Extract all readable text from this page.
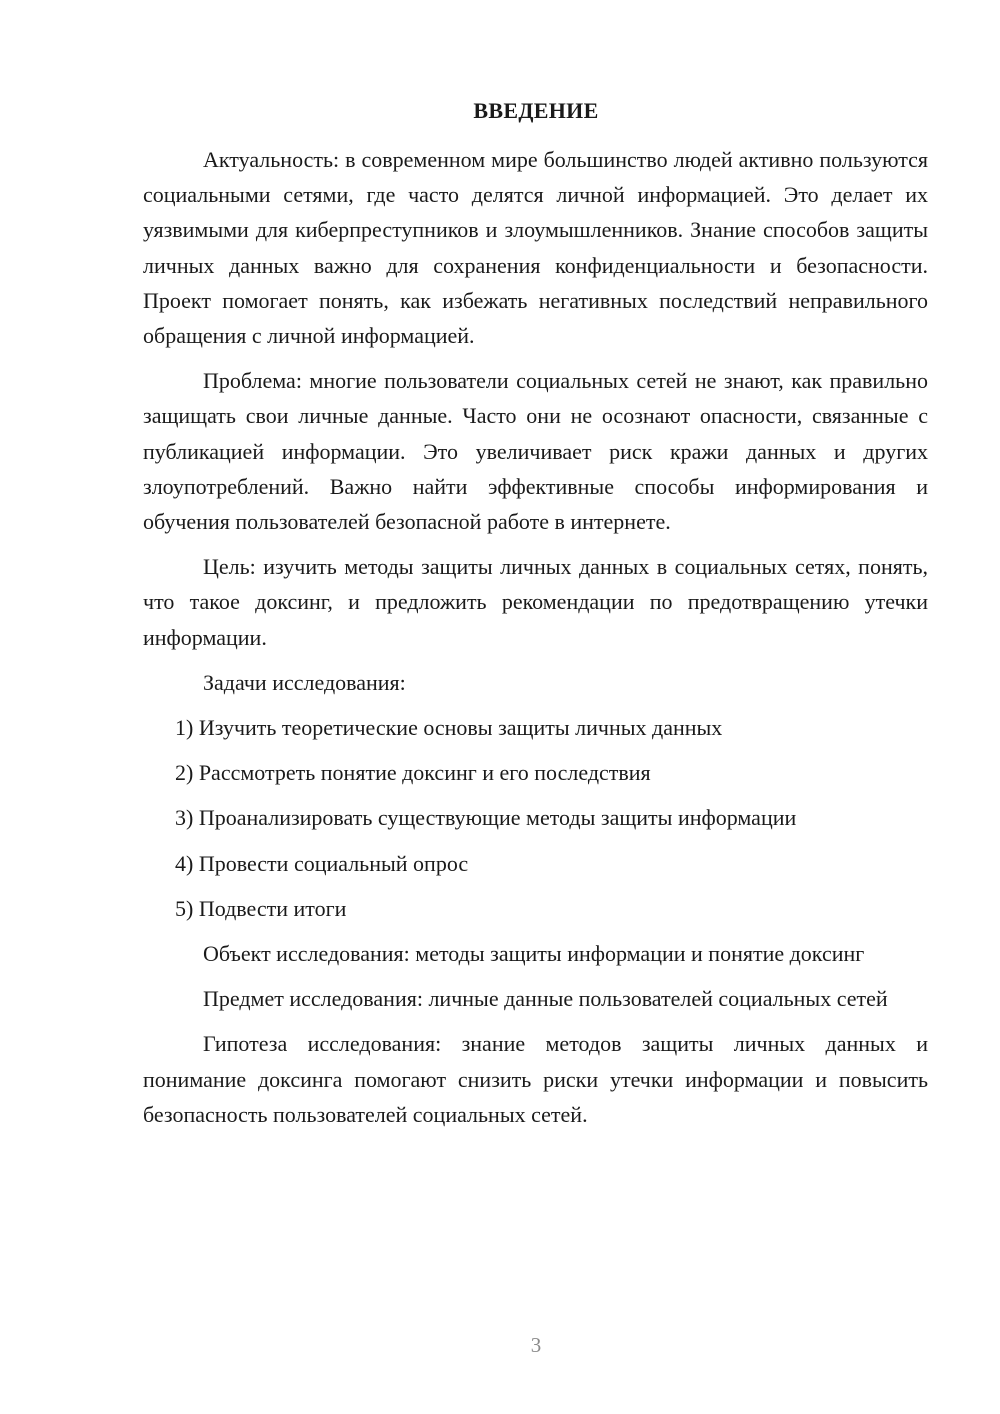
ВВЕДЕНИЕ

Актуальность: в современном мире большинство людей активно пользуются социальными сетями, где часто делятся личной информацией. Это делает их уязвимыми для киберпреступников и злоумышленников. Знание способов защиты личных данных важно для сохранения конфиденциальности и безопасности. Проект помогает понять, как избежать негативных последствий неправильного обращения с личной информацией.

Проблема: многие пользователи социальных сетей не знают, как правильно защищать свои личные данные. Часто они не осознают опасности, связанные с публикацией информации. Это увеличивает риск кражи данных и других злоупотреблений. Важно найти эффективные способы информирования и обучения пользователей безопасной работе в интернете.

Цель: изучить методы защиты личных данных в социальных сетях, понять, что такое доксинг, и предложить рекомендации по предотвращению утечки информации.

Задачи исследования:

1) Изучить теоретические основы защиты личных данных

2) Рассмотреть понятие доксинг и его последствия

3) Проанализировать существующие методы защиты информации

4) Провести социальный опрос

5) Подвести итоги

Объект исследования: методы защиты информации и понятие доксинг

Предмет исследования: личные данные пользователей социальных сетей

Гипотеза исследования: знание методов защиты личных данных и понимание доксинга помогают снизить риски утечки информации и повысить безопасность пользователей социальных сетей.

3
